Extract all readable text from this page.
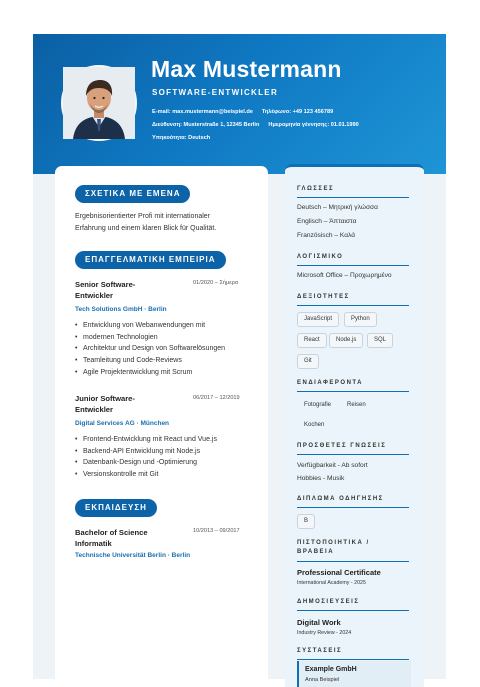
Max Mustermann
SOFTWARE-ENTWICKLER
E-mail: max.mustermann@beispiel.de Τηλέφωνο: +49 123 456789
Διεύθυνση: Musterstraße 1, 12345 Berlin Ημερομηνία γέννησης: 01.01.1990
Υπηκοότητα: Deutsch
ΣΧΕΤΙΚΑ ΜΕ ΕΜΕΝΑ
Ergebnisorientierter Profi mit internationaler
Erfahrung und einem klaren Blick für Qualität.
ΕΠΑΓΓΕΛΜΑΤΙΚΗ ΕΜΠΕΙΡΙΑ
Senior Software-
Entwickler
01/2020 – Σήμερα
Tech Solutions GmbH · Berlin
• Entwicklung von Webanwendungen mit
• modernen Technologien
• Architektur und Design von Softwarelösungen
• Teamleitung und Code-Reviews
• Agile Projektentwicklung mit Scrum
Junior Software-
Entwickler
06/2017 – 12/2019
Digital Services AG · München
• Frontend-Entwicklung mit React und Vue.js
• Backend-API Entwicklung mit Node.js
• Datenbank-Design und -Optimierung
• Versionskontrolle mit Git
ΕΚΠΑΙΔΕΥΣΗ
Bachelor of Science
Informatik
10/2013 – 09/2017
Technische Universität Berlin · Berlin
ΓΛΩΣΣΕΣ
Deutsch – Μητρική γλώσσα
Englisch – Άπταιστα
Französisch – Καλά
ΛΟΓΙΣΜΙΚΟ
Microsoft Office – Προχωρημένο
ΔΕΞΙΟΤΗΤΕΣ
JavaScript	Python
React	Node.js	SQL
Git
ΕΝΔΙΑΦΕΡΟΝΤΑ
Fotografie	Reisen
Kochen
ΠΡΟΣΘΕΤΕΣ ΓΝΩΣΕΙΣ
Verfügbarkeit - Ab sofort
Hobbies - Musik
ΔΙΠΛΩΜΑ ΟΔΗΓΗΣΗΣ
B
ΠΙΣΤΟΠΟΙΗΤΙΚΑ /
ΒΡΑΒΕΙΑ
Professional Certificate
International Academy - 2025
ΔΗΜΟΣΙΕΥΣΕΙΣ
Digital Work
Industry Review - 2024
ΣΥΣΤΑΣΕΙΣ
Example GmbH
Anna Beispiel
